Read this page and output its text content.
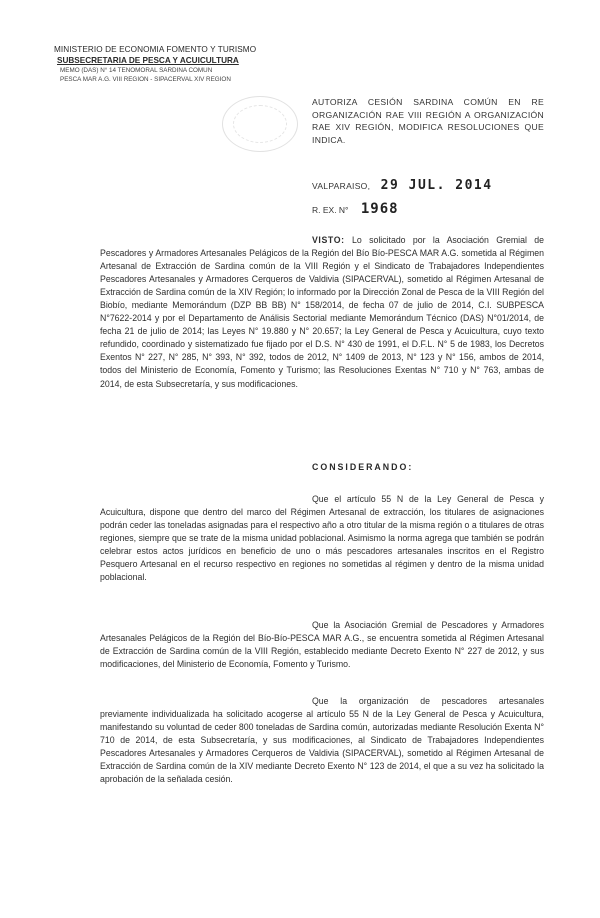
MINISTERIO DE ECONOMIA FOMENTO Y TURISMO
SUBSECRETARIA DE PESCA Y ACUICULTURA
MEMO (DAS) N° 14 TENOMORAL SARDINA COMUN
PESCA MAR A.G. VIII REGION - SIPACERVAL XIV REGION
AUTORIZA CESIÓN SARDINA COMÚN EN RE ORGANIZACIÓN RAE VIII REGIÓN A ORGANIZACIÓN RAE XIV REGIÓN, MODIFICA RESOLUCIONES QUE INDICA.
VALPARAISO, 29 JUL. 2014
R. EX. N° 1968
VISTO: Lo solicitado por la Asociación Gremial de Pescadores y Armadores Artesanales Pelágicos de la Región del Bío Bío-PESCA MAR A.G. sometida al Régimen Artesanal de Extracción de Sardina común de la VIII Región y el Sindicato de Trabajadores Independientes Pescadores Artesanales y Armadores Cerqueros de Valdivia (SIPACERVAL), sometido al Régimen Artesanal de Extracción de Sardina común de la XIV Región; lo informado por la Dirección Zonal de Pesca de la VIII Región del Biobío, mediante Memorándum (DZP BB BB) N° 158/2014, de fecha 07 de julio de 2014, C.I. SUBPESCA N°7622-2014 y por el Departamento de Análisis Sectorial mediante Memorándum Técnico (DAS) N°01/2014, de fecha 21 de julio de 2014; las Leyes N° 19.880 y N° 20.657; la Ley General de Pesca y Acuicultura, cuyo texto refundido, coordinado y sistematizado fue fijado por el D.S. N° 430 de 1991, el D.F.L. N° 5 de 1983, los Decretos Exentos N° 227, N° 285, N° 393, N° 392, todos de 2012, N° 1409 de 2013, N° 123 y N° 156, ambos de 2014, todos del Ministerio de Economía, Fomento y Turismo; las Resoluciones Exentas N° 710 y N° 763, ambas de 2014, de esta Subsecretaría, y sus modificaciones.
CONSIDERANDO:
Que el artículo 55 N de la Ley General de Pesca y Acuicultura, dispone que dentro del marco del Régimen Artesanal de extracción, los titulares de asignaciones podrán ceder las toneladas asignadas para el respectivo año a otro titular de la misma región o a titulares de otras regiones, siempre que se trate de la misma unidad poblacional. Asimismo la norma agrega que también se podrán celebrar estos actos jurídicos en beneficio de uno o más pescadores artesanales inscritos en el Registro Pesquero Artesanal en el recurso respectivo en regiones no sometidas al régimen y dentro de la misma unidad poblacional.
Que la Asociación Gremial de Pescadores y Armadores Artesanales Pelágicos de la Región del Bío-Bío-PESCA MAR A.G., se encuentra sometida al Régimen Artesanal de Extracción de Sardina común de la VIII Región, establecido mediante Decreto Exento N° 227 de 2012, y sus modificaciones, del Ministerio de Economía, Fomento y Turismo.
Que la organización de pescadores artesanales previamente individualizada ha solicitado acogerse al artículo 55 N de la Ley General de Pesca y Acuicultura, manifestando su voluntad de ceder 800 toneladas de Sardina común, autorizadas mediante Resolución Exenta N° 710 de 2014, de esta Subsecretaría, y sus modificaciones, al Sindicato de Trabajadores Independientes Pescadores Artesanales y Armadores Cerqueros de Valdivia (SIPACERVAL), sometido al Régimen Artesanal de Extracción de Sardina común de la XIV mediante Decreto Exento N° 123 de 2014, el que a su vez ha solicitado la aprobación de la señalada cesión.
